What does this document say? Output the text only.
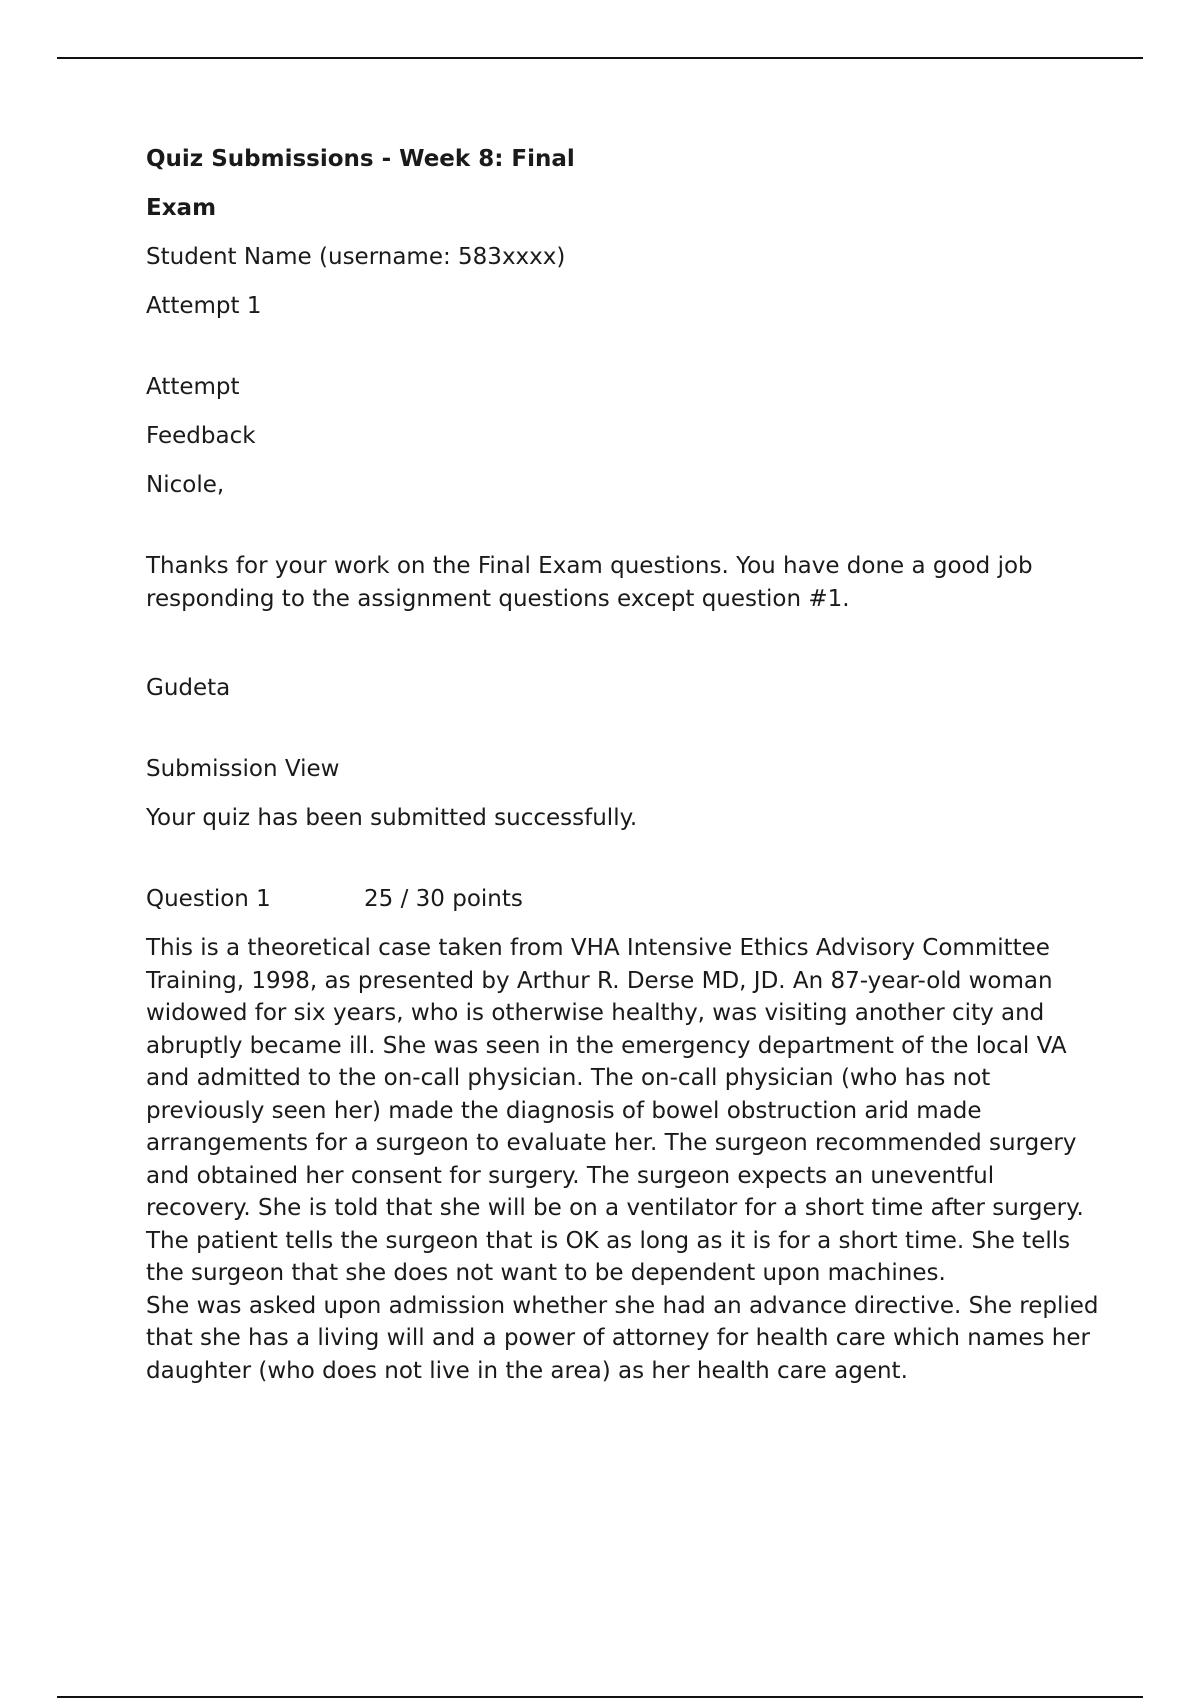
Quiz Submissions - Week 8: Final

Exam

Student Name (username: 583xxxx)

Attempt 1

Attempt

Feedback

Nicole,

Thanks for your work on the Final Exam questions. You have done a good job responding to the assignment questions except question #1.

Gudeta

Submission View

Your quiz has been submitted successfully.

Question 1	25 / 30 points

This is a theoretical case taken from VHA Intensive Ethics Advisory Committee Training, 1998, as presented by Arthur R. Derse MD, JD. An 87-year-old woman widowed for six years, who is otherwise healthy, was visiting another city and abruptly became ill. She was seen in the emergency department of the local VA and admitted to the on-call physician. The on-call physician (who has not previously seen her) made the diagnosis of bowel obstruction arid made arrangements for a surgeon to evaluate her. The surgeon recommended surgery and obtained her consent for surgery. The surgeon expects an uneventful recovery. She is told that she will be on a ventilator for a short time after surgery. The patient tells the surgeon that is OK as long as it is for a short time. She tells the surgeon that she does not want to be dependent upon machines.

She was asked upon admission whether she had an advance directive. She replied that she has a living will and a power of attorney for health care which names her daughter (who does not live in the area) as her health care agent.
